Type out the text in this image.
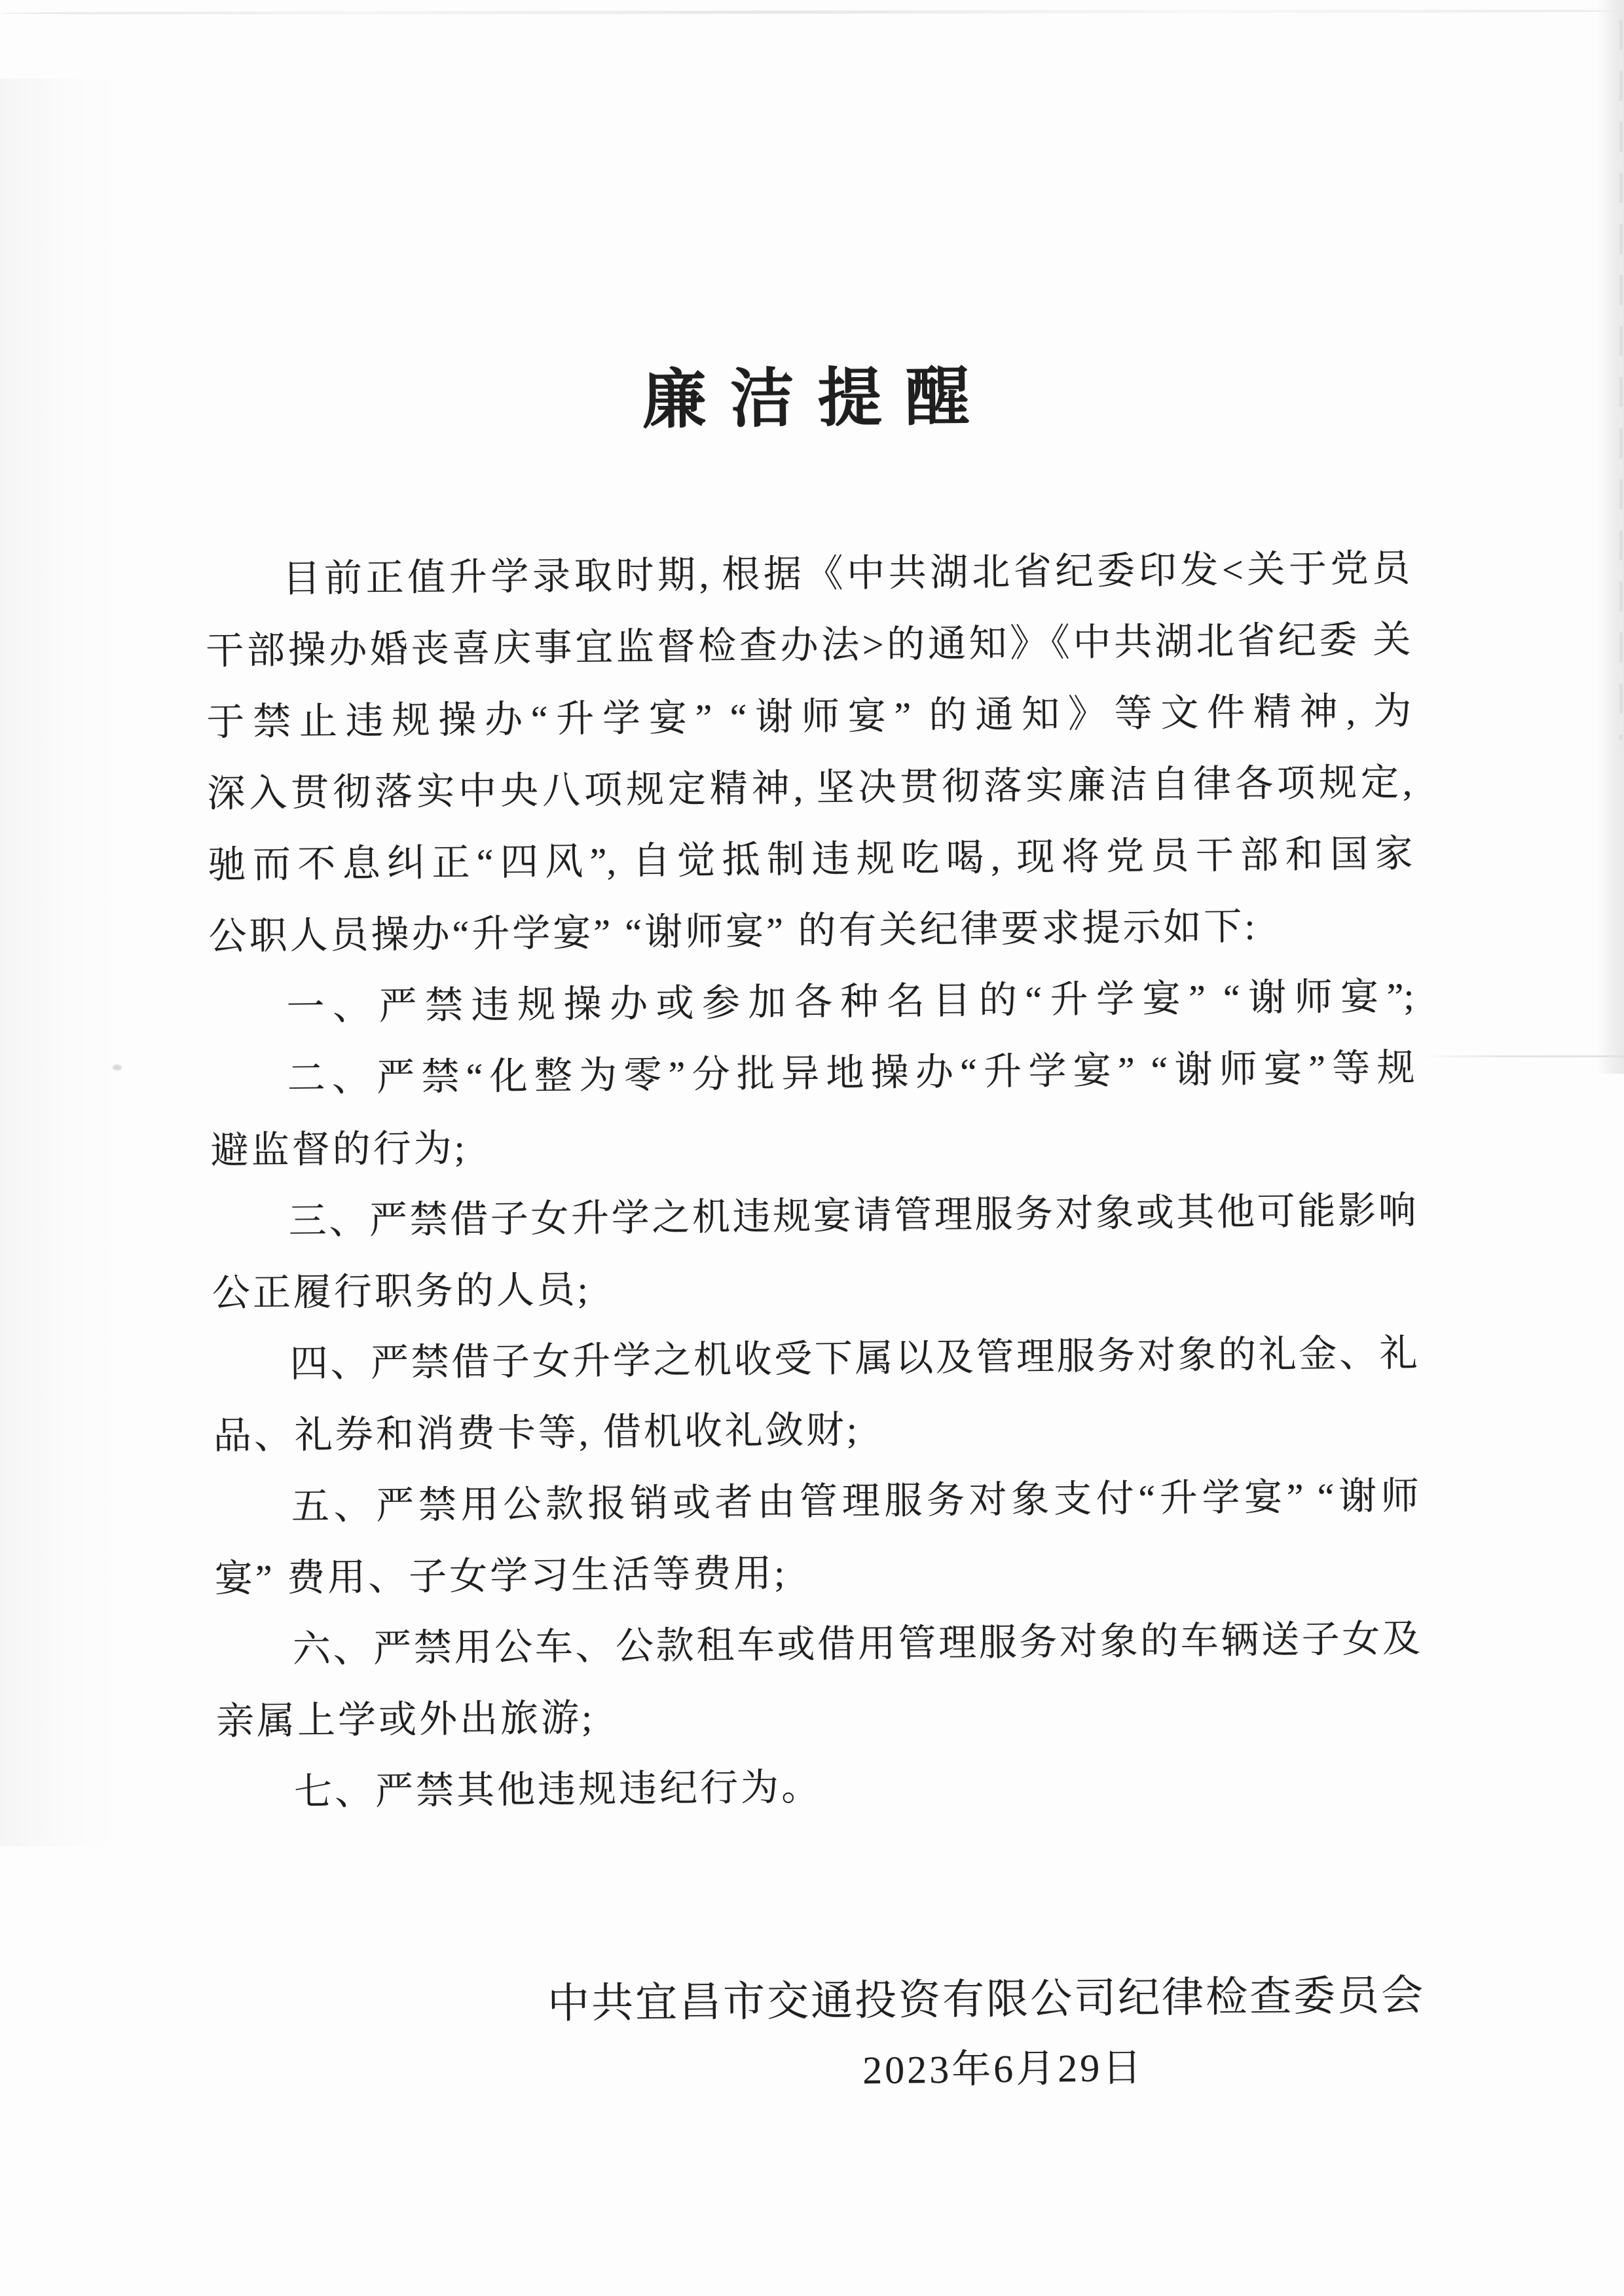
廉洁提醒
目前正值升学录取时期, 根据《中共湖北省纪委印发<关于党员
干部操办婚丧喜庆事宜监督检查办法>的通知》《中共湖北省纪委 关
于禁止违规操办“升学宴” “谢师宴” 的通知》等文件精神, 为
深入贯彻落实中央八项规定精神, 坚决贯彻落实廉洁自律各项规定,
驰而不息纠正“四风”, 自觉抵制违规吃喝, 现将党员干部和国家
公职人员操办“升学宴” “谢师宴” 的有关纪律要求提示如下:
一、严禁违规操办或参加各种名目的“升学宴” “谢师宴”;
二、严禁“化整为零”分批异地操办“升学宴” “谢师宴”等规
避监督的行为;
三、严禁借子女升学之机违规宴请管理服务对象或其他可能影响
公正履行职务的人员;
四、严禁借子女升学之机收受下属以及管理服务对象的礼金、礼
品、礼券和消费卡等, 借机收礼敛财;
五、严禁用公款报销或者由管理服务对象支付“升学宴” “谢师
宴” 费用、子女学习生活等费用;
六、严禁用公车、公款租车或借用管理服务对象的车辆送子女及
亲属上学或外出旅游;
七、严禁其他违规违纪行为。
中共宜昌市交通投资有限公司纪律检查委员会
2023年6月29日
